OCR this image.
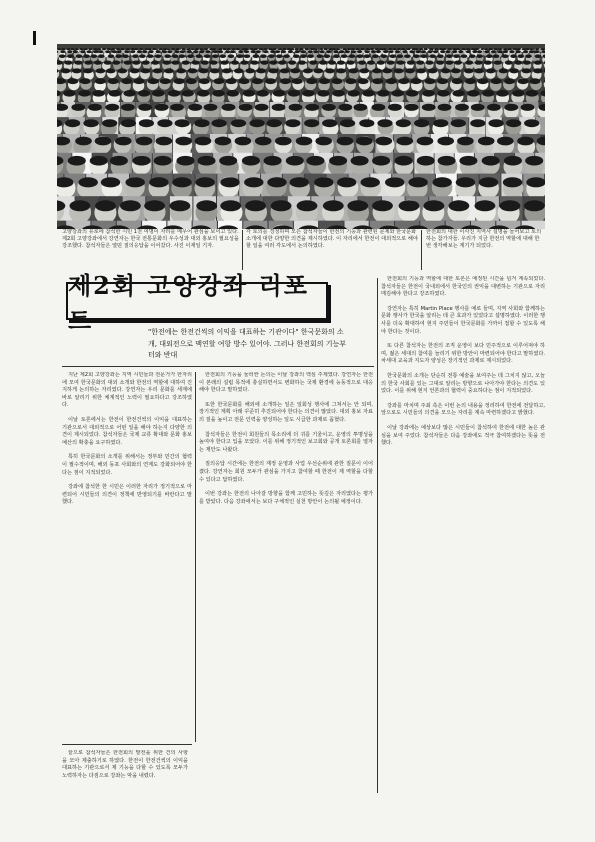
고양강좌의 유로에 참석한 시민 1천 여명이 자리를 메우어 관심을 보이고 있다. 제2회 고양강좌에서 강연자는 한국 전통문화의 우수성과 대외 홍보의 필요성을 강조했다. 참석자들은 열띤 질의응답을 이어갔다. 사진 이재일 기자.
각 토의를 경청하며 모든 참석자들이 한전의 기능과 관련된 문제와 한국문화 소개에 대한 다양한 의견을 제시하였다. 이 자리에서 한전이 대외적으로 해야할 일을 여러 각도에서 논의하였다.
한전회의 대한 이사진 지역사 설명을 들어보고 토의하는 참가자들. 우리가 지금 한전의 역할에 대해 한번 생각해보는 계기가 되었다.
제2회 고양강좌 리포트	"한전에는 한전건씩의 이익을 대표하는 기관이다" 한국문화의 소개, 대외전으로 맥연할 여항 방수 있어야. 그러나 한전회의 기능부터와 반대

지난 제2회 고양강좌는 지역 시민들과 전문가가 한자리에 모여 한국문화의 대외 소개와 한전의 역할에 대하여 진지하게 논의하는 자리였다. 강연자는 우리 문화를 세계에 바로 알리기 위한 체계적인 노력이 필요하다고 강조하였다.

이날 토론에서는 한전이 한전건씩의 이익을 대표하는 기관으로서 대외적으로 어떤 일을 해야 하는지 다양한 의견이 제시되었다. 참석자들은 국제 교류 확대와 문화 홍보 예산의 확충을 요구하였다.

특히 한국문화의 소개를 위해서는 정부와 민간의 협력이 필수적이며, 해외 동포 사회와의 연계도 강화되어야 한다는 점이 지적되었다.

강좌에 참석한 한 시민은 이러한 자리가 정기적으로 마련되어 시민들의 의견이 정책에 반영되기를 바란다고 말했다.

한전회의 기능을 둘러싼 논의는 이날 강좌의 핵심 주제였다. 강연자는 한전이 본래의 설립 목적에 충실하면서도 변화하는 국제 환경에 능동적으로 대응해야 한다고 말하였다.

또한 한국문화를 해외에 소개하는 일은 일회성 행사에 그쳐서는 안 되며, 장기적인 계획 아래 꾸준히 추진되어야 한다는 의견이 많았다. 대외 홍보 자료의 질을 높이고 전문 인력을 양성하는 일도 시급한 과제로 꼽혔다.

참석자들은 한전이 회원들의 목소리에 더 귀를 기울이고, 운영의 투명성을 높여야 한다고 입을 모았다. 이를 위해 정기적인 보고회와 공개 토론회를 열자는 제안도 나왔다.

질의응답 시간에는 한전의 재정 운영과 사업 우선순위에 관한 질문이 이어졌다. 강연자는 회원 모두가 관심을 가지고 참여할 때 한전이 제 역할을 다할 수 있다고 답하였다.

이번 강좌는 한전의 나아갈 방향을 함께 고민하는 뜻깊은 자리였다는 평가를 받았다. 다음 강좌에서는 보다 구체적인 실천 방안이 논의될 예정이다.

한전회의 기능과 역할에 대한 토론은 예정된 시간을 넘겨 계속되었다. 참석자들은 한전이 국내외에서 한국인의 권익을 대변하는 기관으로 자리매김해야 한다고 강조하였다.

강연자는 특히 Martin Place 행사를 예로 들며, 지역 사회와 함께하는 문화 행사가 한국을 알리는 데 큰 효과가 있었다고 설명하였다. 이러한 행사를 더욱 확대하여 현지 주민들이 한국문화를 가까이 접할 수 있도록 해야 한다는 것이다.

또 다른 참석자는 한전의 조직 운영이 보다 민주적으로 이루어져야 하며, 젊은 세대의 참여를 늘리기 위한 방안이 마련되어야 한다고 말하였다. 차세대 교육과 지도자 양성은 장기적인 과제로 제시되었다.

한국문화의 소개는 단순히 전통 예술을 보여주는 데 그치지 않고, 오늘의 한국 사회를 있는 그대로 알리는 방향으로 나아가야 한다는 의견도 있었다. 이를 위해 현지 언론과의 협력이 중요하다는 점이 지적되었다.

강좌를 마치며 주최 측은 이번 논의 내용을 정리하여 한전에 전달하고, 앞으로도 시민들의 의견을 모으는 자리를 계속 마련하겠다고 밝혔다.

이날 강좌에는 예상보다 많은 시민들이 참석하여 한전에 대한 높은 관심을 보여 주었다. 참석자들은 다음 강좌에도 적극 참여하겠다는 뜻을 전했다.

끝으로 참석자들은 한전회의 발전을 위한 건의 사항을 모아 제출하기로 하였다. 한전이 한전건씩의 이익을 대표하는 기관으로서 제 기능을 다할 수 있도록 모두가 노력하자는 다짐으로 강좌는 막을 내렸다.
